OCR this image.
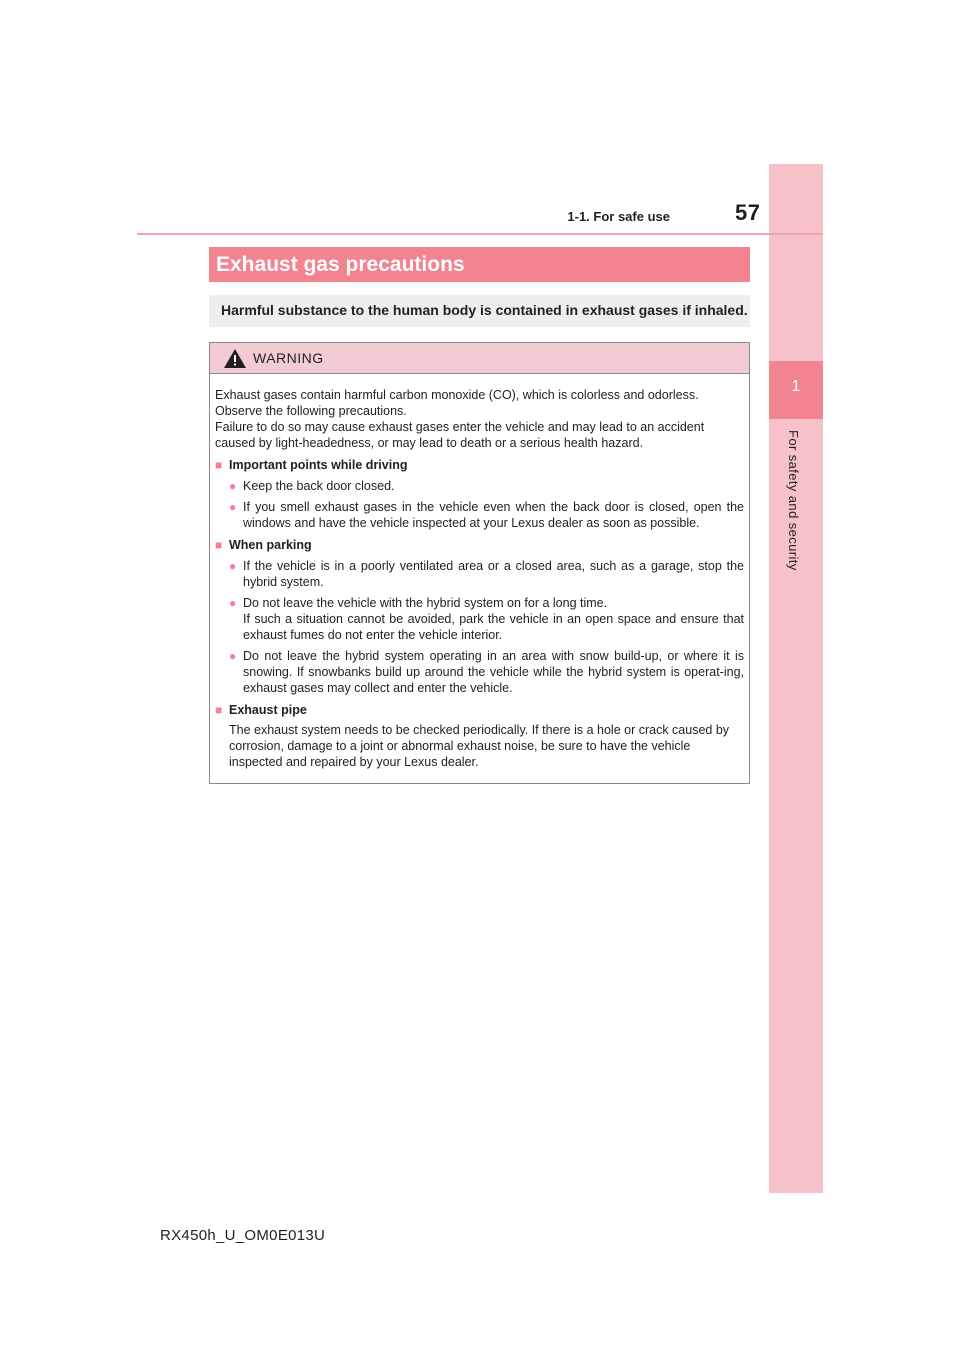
1
For safety and security
1-1. For safe use	57
Exhaust gas precautions
Harmful substance to the human body is contained in exhaust gases if inhaled.
WARNING

Exhaust gases contain harmful carbon monoxide (CO), which is colorless and odorless.

Observe the following precautions.

Failure to do so may cause exhaust gases enter the vehicle and may lead to an accident caused by light-headedness, or may lead to death or a serious health hazard.

■ Important points while driving
● Keep the back door closed.
● If you smell exhaust gases in the vehicle even when the back door is closed, open the windows and have the vehicle inspected at your Lexus dealer as soon as possible.
■ When parking
● If the vehicle is in a poorly ventilated area or a closed area, such as a garage, stop the hybrid system.
● Do not leave the vehicle with the hybrid system on for a long time.
If such a situation cannot be avoided, park the vehicle in an open space and ensure that exhaust fumes do not enter the vehicle interior.
● Do not leave the hybrid system operating in an area with snow build-up, or where it is snowing. If snowbanks build up around the vehicle while the hybrid system is operat-ing, exhaust gases may collect and enter the vehicle.
■ Exhaust pipe

The exhaust system needs to be checked periodically. If there is a hole or crack caused by corrosion, damage to a joint or abnormal exhaust noise, be sure to have the vehicle inspected and repaired by your Lexus dealer.

RX450h_U_OM0E013U
